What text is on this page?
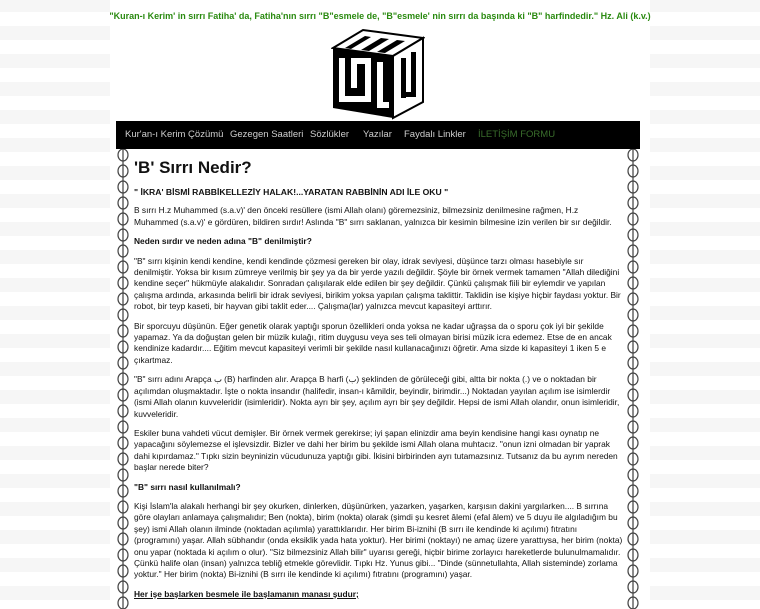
"Kuran-ı Kerim' in sırrı Fatiha' da, Fatiha'nın sırrı "B"esmele de, "B"esmele' nin sırrı da başında ki "B" harfindedir." Hz. Ali (k.v.)
Kur'an-ı Kerim Çözümü Gezegen Saatleri Sözlükler Yazılar Faydalı Linkler İLETİŞİM FORMU
'B' Sırrı Nedir?
" İKRA' BİSMİ RABBİKELLEZİY HALAK!...YARATAN RABBİNİN ADI İLE OKU "
B sırrı H.z Muhammed (s.a.v)' den önceki resüllere (ismi Allah olanı) göremezsiniz, bilmezsiniz denilmesine rağmen, H.z Muhammed (s.a.v)' e gördüren, bildiren sırdır! Aslında "B" sırrı saklanan, yalnızca bir kesimin bilmesine izin verilen bir sır değildir.
Neden sırdır ve neden adına "B" denilmiştir?
"B" sırrı kişinin kendi kendine, kendi kendinde çözmesi gereken bir olay, idrak seviyesi, düşünce tarzı olması hasebiyle sır denilmiştir. Yoksa bir kısım zümreye verilmiş bir şey ya da bir yerde yazılı değildir. Şöyle bir örnek vermek tamamen "Allah dilediğini kendine seçer" hükmüyle alakalıdır. Sonradan çalışılarak elde edilen bir şey değildir. Çünkü çalışmak fiili bir eylemdir ve yapılan çalışma ardında, arkasında belirli bir idrak seviyesi, birikim yoksa yapılan çalışma taklittir. Taklidin ise kişiye hiçbir faydası yoktur. Bir robot, bir teyp kaseti, bir hayvan gibi taklit eder.... Çalışma(lar) yalnızca mevcut kapasiteyi arttırır.
Bir sporcuyu düşünün. Eğer genetik olarak yaptığı sporun özellikleri onda yoksa ne kadar uğraşsa da o sporu çok iyi bir şekilde yapamaz. Ya da doğuştan gelen bir müzik kulağı, ritim duygusu veya ses teli olmayan birisi müzik icra edemez. Etse de en ancak kendinize kadardır.... Eğitim mevcut kapasiteyi verimli bir şekilde nasıl kullanacağınızı öğretir. Ama sizde ki kapasiteyi 1 iken 5 e çıkartmaz.
"B" sırrı adını Arapça ب (B) harfinden alır. Arapça B harfi (ب) şeklinden de görüleceği gibi, altta bir nokta (.) ve o noktadan bir açılımdan oluşmaktadır. İşte o nokta insandır (halifedir, insan-ı kâmildir, beyindir, birimdir...) Noktadan yayılan açılım ise isimlerdir (ismi Allah olanın kuvveleridir (isimleridir). Nokta ayrı bir şey, açılım ayrı bir şey değildir. Hepsi de ismi Allah olandır, onun isimleridir, kuvveleridir.
Eskiler buna vahdeti vücut demişler. Bir örnek vermek gerekirse; iyi şapan elinizdir ama beyin kendisine hangi kası oynatıp ne yapacağını söylemezse el işlevsizdir. Bizler ve dahi her birim bu şekilde ismi Allah olana muhtacız. "onun izni olmadan bir yaprak dahi kıpırdamaz." Tıpkı sizin beyninizin vücudunuza yaptığı gibi. İkisini birbirinden ayrı tutamazsınız. Tutsanız da bu ayrım nereden başlar nerede biter?
"B" sırrı nasıl kullanılmalı?
Kişi İslam'la alakalı herhangi bir şey okurken, dinlerken, düşünürken, yazarken, yaşarken, karşısın dakini yargılarken.... B sırrına göre olayları anlamaya çalışmalıdır; Ben (nokta), birim (nokta) olarak (şimdi şu kesret âlemi (efal âlem) ve 5 duyu ile algıladığım bu şey) ismi Allah olanın ilminde (noktadan açılımla) yarattıklarıdır. Her birim Bi-iznihi (B sırrı ile kendinde ki açılımı) fıtratını (programını) yaşar. Allah sübhandır (onda eksiklik yada hata yoktur). Her birimi (noktayı) ne amaç üzere yarattıysa, her birim (nokta) onu yapar (noktada ki açılım o olur). "Siz bilmezsiniz Allah bilir" uyarısı gereği, hiçbir birime zorlayıcı hareketlerde bulunulmamalıdır. Çünkü halife olan (insan) yalnızca tebliğ etmekle görevlidir. Tıpkı Hz. Yunus gibi... "Dinde (sünnetullahta, Allah sisteminde) zorlama yoktur." Her birim (nokta) Bi-iznihi (B sırrı ile kendinde ki açılımı) fıtratını (programını) yaşar.
Her işe başlarken besmele ile başlamanın manası şudur;
